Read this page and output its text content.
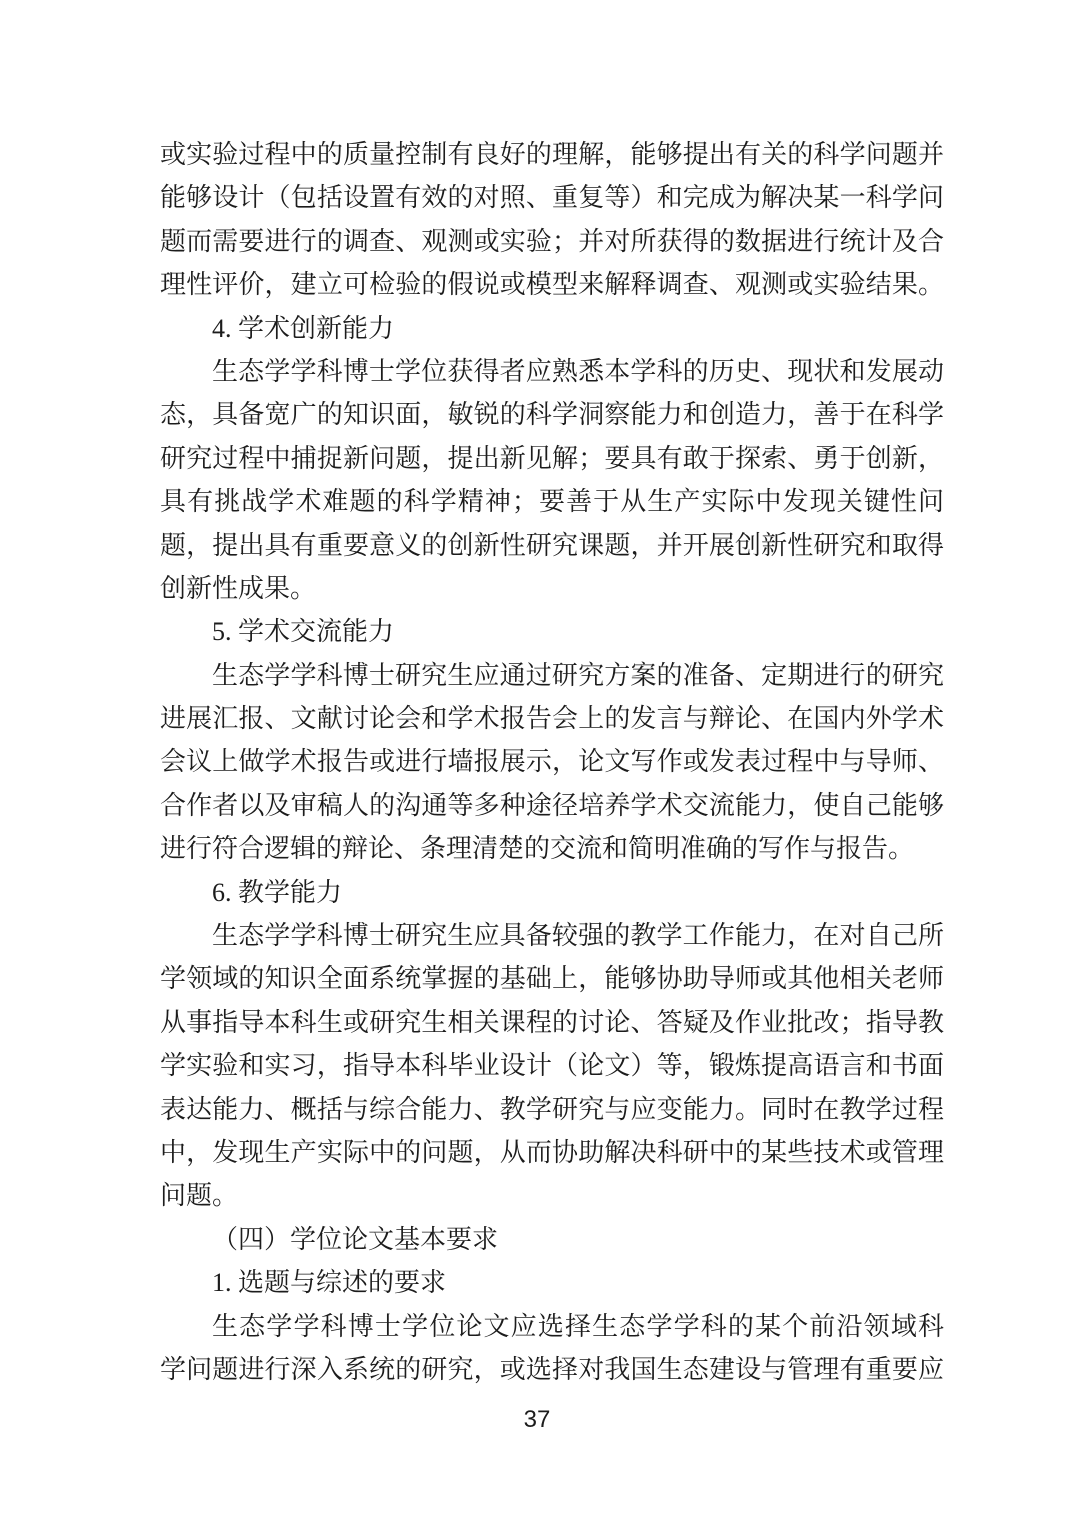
或实验过程中的质量控制有良好的理解，能够提出有关的科学问题并
能够设计（包括设置有效的对照、重复等）和完成为解决某一科学问
题而需要进行的调查、观测或实验；并对所获得的数据进行统计及合
理性评价，建立可检验的假说或模型来解释调查、观测或实验结果。
4. 学术创新能力
生态学学科博士学位获得者应熟悉本学科的历史、现状和发展动
态，具备宽广的知识面，敏锐的科学洞察能力和创造力，善于在科学
研究过程中捕捉新问题，提出新见解；要具有敢于探索、勇于创新，
具有挑战学术难题的科学精神；要善于从生产实际中发现关键性问
题，提出具有重要意义的创新性研究课题，并开展创新性研究和取得
创新性成果。
5. 学术交流能力
生态学学科博士研究生应通过研究方案的准备、定期进行的研究
进展汇报、文献讨论会和学术报告会上的发言与辩论、在国内外学术
会议上做学术报告或进行墙报展示，论文写作或发表过程中与导师、
合作者以及审稿人的沟通等多种途径培养学术交流能力，使自己能够
进行符合逻辑的辩论、条理清楚的交流和简明准确的写作与报告。
6. 教学能力
生态学学科博士研究生应具备较强的教学工作能力，在对自己所
学领域的知识全面系统掌握的基础上，能够协助导师或其他相关老师
从事指导本科生或研究生相关课程的讨论、答疑及作业批改；指导教
学实验和实习，指导本科毕业设计（论文）等，锻炼提高语言和书面
表达能力、概括与综合能力、教学研究与应变能力。同时在教学过程
中，发现生产实际中的问题，从而协助解决科研中的某些技术或管理
问题。
（四）学位论文基本要求
1. 选题与综述的要求
生态学学科博士学位论文应选择生态学学科的某个前沿领域科
学问题进行深入系统的研究，或选择对我国生态建设与管理有重要应
37
